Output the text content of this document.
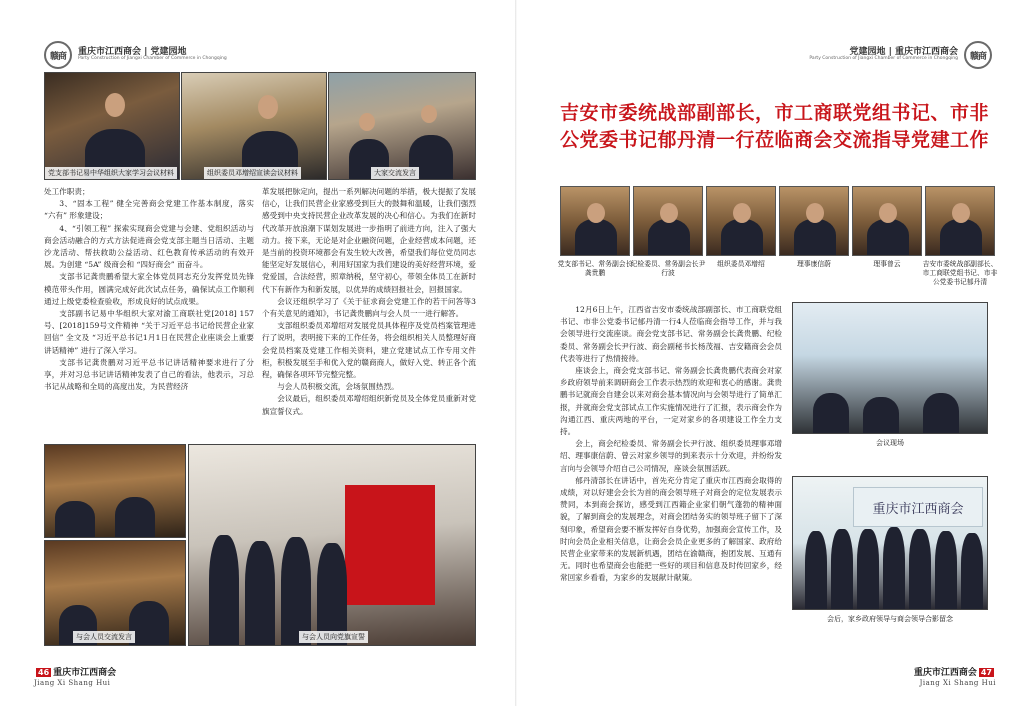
赣商 重庆市江西商会 | 党建园地
Party Construction of Jiangxi Chamber of Commerce in Chongqing	赣商
党建园地 | 重庆市江西商会
Party Construction of Jiangxi Chamber of Commerce in Chongqing
党支部书记易中华组织大家学习会议材料	组织委员邓增绍宣读会议材料	大家交流发言

处工作职责；

3、“固本工程” 健全完善商会党建工作基本制度，落实 “六有” 形象建设；

4、“引领工程” 探索实现商会党建与会建、党组织活动与商会活动融合的方式方法促进商会党支部主题当日活动、主题沙龙活动、帮扶救助公益活动、红色教育传承活动的有效开展。为创建 “5A” 级商会和 “四好商会” 而奋斗。

支部书记龚贵鹏希望大家全体党员同志充分发挥党员先锋模范带头作用，圆满完成好此次试点任务，确保试点工作顺利通过上级党委检查验收，形成良好的试点成果。

支部副书记易中华组织大家对渝工商联社党[2018] 157号、[2018]159号文件精神 “关于习近平总书记给民营企业家回信” 全文及 “习近平总书记1月1日在民营企业座谈会上重要讲话精神” 进行了深入学习。

支部书记龚贵鹏对习近平总书记讲话精神要求进行了分享，并对习总书记讲话精神发表了自己的看法，他表示，习总书记从战略和全局的高度出发，为民营经济

革发展把脉定向，提出一系列解决问题的举措，极大提振了发展信心，让我们民营企业家感受到巨大的鼓舞和温暖，让我们强烈感受到中央支持民营企业改革发展的决心和信心。为我们在新时代改革开放浪潮下谋划发展进一步指明了前进方向，注入了强大动力。接下来，无论是对企业融资问题，企业经营成本问题，还是当前的投资环境都会有发生较大改善，希望我们每位党员同志能坚定好发展信心，利用好国家为我们建设的美好经营环境，爱党爱国，合法经营，照章纳税，坚守初心，带领全体员工在新时代下有新作为和新发展，以优异的成绩回报社会，回报国家。

会议还组织学习了《关于征求商会党建工作的若干问答等3个有关意见的通知》，书记龚贵鹏向与会人员一一进行解答。

支部组织委员邓增绍对发展党员具体程序及党员档案管理进行了说明，表明接下来的工作任务，将会组织相关人员整理好商会党员档案及党建工作相关资料，建立党建试点工作专用文件柜，积极发展至手和优入党的赣商商人，做好入党、转正各个流程，确保各项环节完整完整。

与会人员积极交流，会场氛围热烈。

会议最后，组织委员邓增绍组织新党员及全体党员重新对党旗宣誓仪式。

与会人员交流发言	与会人员向党旗宣誓
吉安市委统战部副部长，市工商联党组书记、市非公党委书记郁丹清一行莅临商会交流指导党建工作
党支部书记、常务副会长龚贵鹏
纪检委员、常务副会长尹行波
组织委员邓增绍	理事康信蔚	理事曾云	吉安市委统战部副部长、市工商联党组书记、市非公党委书记郁丹清

12月6日上午，江西省吉安市委统战部副部长、市工商联党组书记、市非公党委书记郁丹清一行4人莅临商会指导工作，并与我会领导进行交流座谈。商会党支部书记、常务副会长龚贵鹏、纪检委员、常务副会长尹行波、商会副秘书长杨茂福、吉安籍商会会员代表等进行了热情接待。

座谈会上，商会党支部书记、常务副会长龚贵鹏代表商会对家乡政府领导前来调研商会工作表示热烈的欢迎和衷心的感谢。龚贵鹏书记就商会自建会以来对商会基本情况向与会领导进行了简单汇报，并就商会党支部试点工作实施情况进行了汇报，表示商会作为沟通江西、重庆两地的平台，一定对家乡的各项建设工作全力支持。

会上，商会纪检委员、常务副会长尹行波、组织委员理事邓增绍、理事康信蔚、曾云对家乡领导的到来表示十分欢迎，并纷纷发言向与会领导介绍自己公司情况，座谈会氛围活跃。

郁丹清部长在讲话中，首先充分肯定了重庆市江西商会取得的成绩，对以好建会会长为首的商会领导班子对商会的定位发展表示赞同，本到商会探访，感受到江西籍企业家们朝气蓬勃的精神面貌，了解到商会的发展理念，对商会团结务实的领导班子留下了深刻印象，希望商会要不断发挥好自身优势，加强商会宣传工作，及时向会员企业相关信息，让商会会员企业更多的了解国家、政府给民营企业家带来的发展新机遇，团结在渝赣商，抱团发展、互通有无。同时也希望商会也能把一些好的项目和信息及时传回家乡，经常回家乡看看，为家乡的发展献计献策。

会议现场
重庆市江西商会
会后，家乡政府领导与商会领导合影留念
46 重庆市江西商会
Jiang Xi Shang Hui
重庆市江西商会 47
Jiang Xi Shang Hui
